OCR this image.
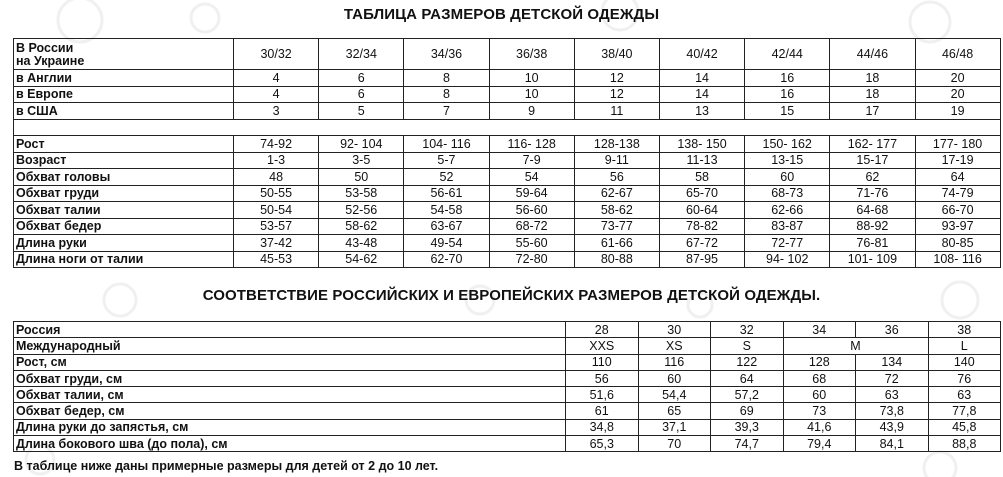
ТАБЛИЦА РАЗМЕРОВ ДЕТСКОЙ ОДЕЖДЫ
В России
на Украине	30/32	32/34	34/36	36/38	38/40	40/42	42/44	44/46	46/48
в Англии	4	6	8	10	12	14	16	18	20
в Европе	4	6	8	10	12	14	16	18	20
в США	3	5	7	9	11	13	15	17	19

Рост	74-92	92- 104	104- 116	116- 128	128-138	138- 150	150- 162	162- 177	177- 180
Возраст	1-3	3-5	5-7	7-9	9-11	11-13	13-15	15-17	17-19
Обхват головы	48	50	52	54	56	58	60	62	64
Обхват груди	50-55	53-58	56-61	59-64	62-67	65-70	68-73	71-76	74-79
Обхват талии	50-54	52-56	54-58	56-60	58-62	60-64	62-66	64-68	66-70
Обхват бедер	53-57	58-62	63-67	68-72	73-77	78-82	83-87	88-92	93-97
Длина руки	37-42	43-48	49-54	55-60	61-66	67-72	72-77	76-81	80-85
Длина ноги от талии	45-53	54-62	62-70	72-80	80-88	87-95	94- 102	101- 109	108- 116
СООТВЕТСТВИЕ РОССИЙСКИХ И ЕВРОПЕЙСКИХ РАЗМЕРОВ ДЕТСКОЙ ОДЕЖДЫ.
Россия	28	30	32	34	36	38
Международный	XXS	XS	S	M		L
Рост, см	110	116	122	128	134	140
Обхват груди, см	56	60	64	68	72	76
Обхват талии, см	51,6	54,4	57,2	60	63	63
Обхват бедер, см	61	65	69	73	73,8	77,8
Длина руки до запястья, см	34,8	37,1	39,3	41,6	43,9	45,8
Длина бокового шва (до пола), см	65,3	70	74,7	79,4	84,1	88,8
В таблице ниже даны примерные размеры для детей от 2 до 10 лет.
